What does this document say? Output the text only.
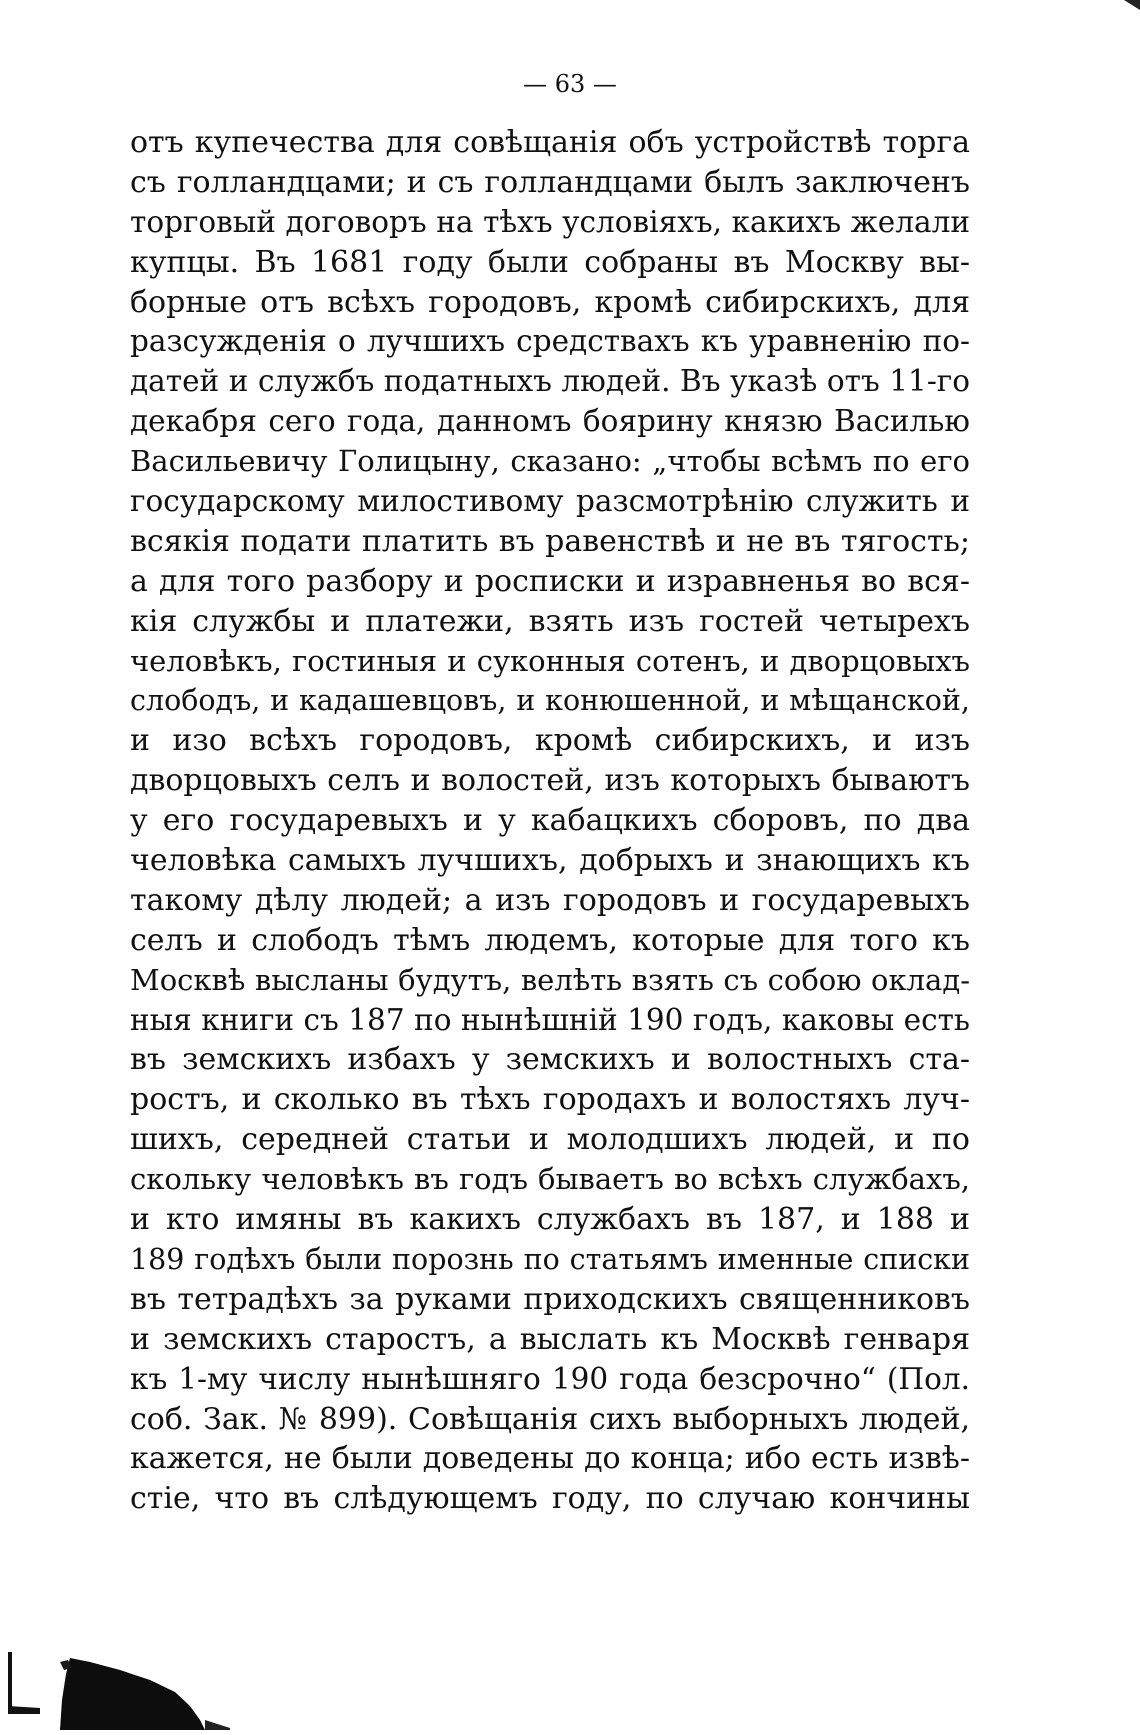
— 63 —
отъ купечества для совѣщанія объ устройствѣ торга
съ голландцами; и съ голландцами былъ заключенъ
торговый договоръ на тѣхъ условіяхъ, какихъ желали
купцы. Въ 1681 году были собраны въ Москву вы-
борные отъ всѣхъ городовъ, кромѣ сибирскихъ, для
разсужденія о лучшихъ средствахъ къ уравненію по-
датей и службъ податныхъ людей. Въ указѣ отъ 11-го
декабря сего года, данномъ боярину князю Василью
Васильевичу Голицыну, сказано: „чтобы всѣмъ по его
государскому милостивому разсмотрѣнію служить и
всякія подати платить въ равенствѣ и не въ тягость;
а для того разбору и росписки и изравненья во вся-
кія службы и платежи, взять изъ гостей четырехъ
человѣкъ, гостиныя и суконныя сотенъ, и дворцовыхъ
слободъ, и кадашевцовъ, и конюшенной, и мѣщанской,
и изо всѣхъ городовъ, кромѣ сибирскихъ, и изъ
дворцовыхъ селъ и волостей, изъ которыхъ бываютъ
у его государевыхъ и у кабацкихъ сборовъ, по два
человѣка самыхъ лучшихъ, добрыхъ и знающихъ къ
такому дѣлу людей; а изъ городовъ и государевыхъ
селъ и слободъ тѣмъ людемъ, которые для того къ
Москвѣ высланы будутъ, велѣть взять съ собою оклад-
ныя книги съ 187 по нынѣшній 190 годъ, каковы есть
въ земскихъ избахъ у земскихъ и волостныхъ ста-
ростъ, и сколько въ тѣхъ городахъ и волостяхъ луч-
шихъ, середней статьи и молодшихъ людей, и по
скольку человѣкъ въ годъ бываетъ во всѣхъ службахъ,
и кто имяны въ какихъ службахъ въ 187, и 188 и
189 годѣхъ были порознь по статьямъ именные списки
въ тетрадѣхъ за руками приходскихъ священниковъ
и земскихъ старостъ, а выслать къ Москвѣ генваря
къ 1-му числу нынѣшняго 190 года безсрочно“ (Пол.
соб. Зак. № 899). Совѣщанія сихъ выборныхъ людей,
кажется, не были доведены до конца; ибо есть извѣ-
стіе, что въ слѣдующемъ году, по случаю кончины
